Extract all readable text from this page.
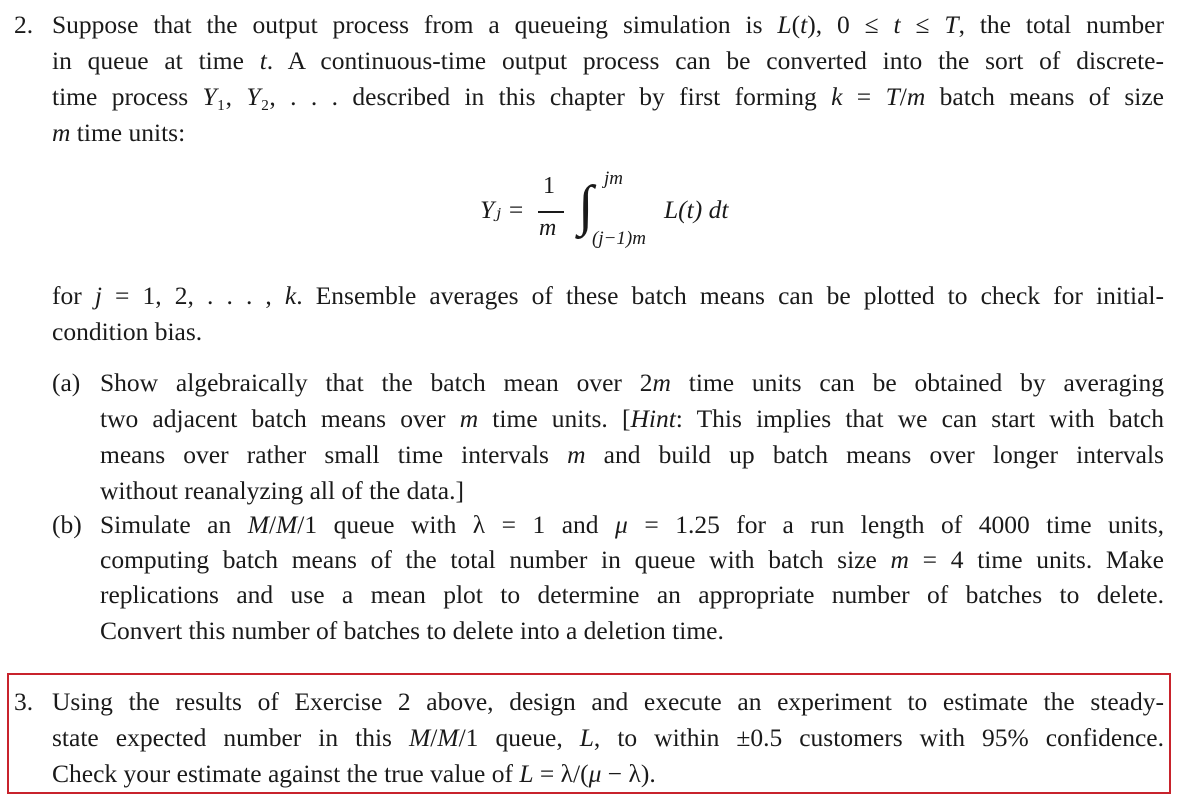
2. Suppose that the output process from a queueing simulation is L(t), 0 ≤ t ≤ T, the total number
in queue at time t. A continuous-time output process can be converted into the sort of discrete-
time process Y₁, Y₂, . . . described in this chapter by first forming k = T/m batch means of size
m time units:
Yⱼ =
1
m ∫ jm
(j−1)m
L(t) dt
for j = 1, 2, . . . , k. Ensemble averages of these batch means can be plotted to check for initial-
condition bias.
(a) Show algebraically that the batch mean over 2m time units can be obtained by averaging
two adjacent batch means over m time units. [Hint: This implies that we can start with batch
means over rather small time intervals m and build up batch means over longer intervals
without reanalyzing all of the data.]
(b) Simulate an M/M/1 queue with λ = 1 and μ = 1.25 for a run length of 4000 time units,
computing batch means of the total number in queue with batch size m = 4 time units. Make
replications and use a mean plot to determine an appropriate number of batches to delete.
Convert this number of batches to delete into a deletion time.
3. Using the results of Exercise 2 above, design and execute an experiment to estimate the steady-
state expected number in this M/M/1 queue, L, to within ±0.5 customers with 95% confidence.
Check your estimate against the true value of L = λ/(μ − λ).
